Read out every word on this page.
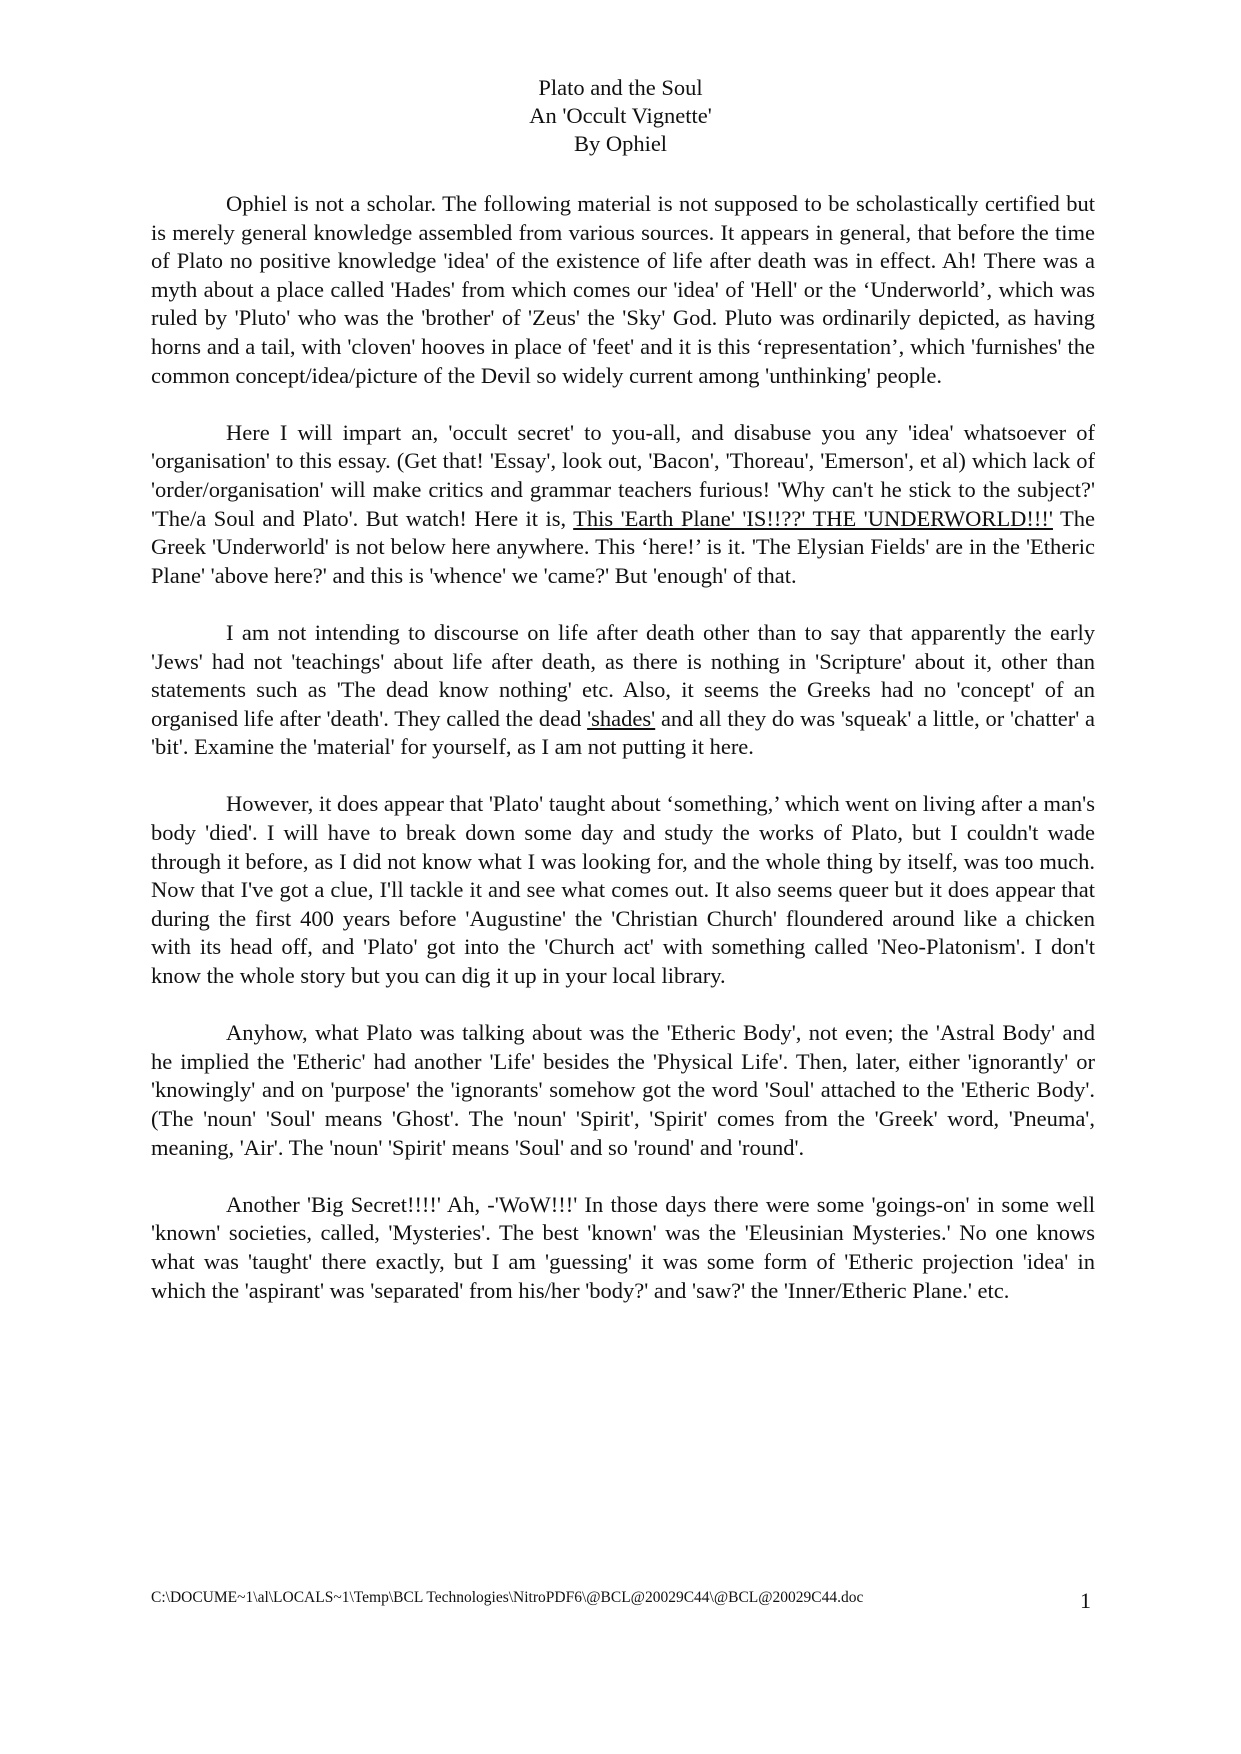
Plato and the Soul
An 'Occult Vignette'
By Ophiel

Ophiel is not a scholar. The following material is not supposed to be scholastically certified but is merely general knowledge assembled from various sources. It appears in general, that before the time of Plato no positive knowledge 'idea' of the existence of life after death was in effect. Ah! There was a myth about a place called 'Hades' from which comes our 'idea' of 'Hell' or the ‘Underworld’, which was ruled by 'Pluto' who was the 'brother' of 'Zeus' the 'Sky' God. Pluto was ordinarily depicted, as having horns and a tail, with 'cloven' hooves in place of 'feet' and it is this ‘representation’, which 'furnishes' the common concept/idea/picture of the Devil so widely current among 'unthinking' people.

Here I will impart an, 'occult secret' to you-all, and disabuse you any 'idea' whatsoever of 'organisation' to this essay. (Get that! 'Essay', look out, 'Bacon', 'Thoreau', 'Emerson', et al) which lack of 'order/organisation' will make critics and grammar teachers furious! 'Why can't he stick to the subject?' 'The/a Soul and Plato'. But watch! Here it is, This 'Earth Plane' 'IS!!??' THE 'UNDERWORLD!!!' The Greek 'Underworld' is not below here anywhere. This ‘here!’ is it. 'The Elysian Fields' are in the 'Etheric Plane' 'above here?' and this is 'whence' we 'came?' But 'enough' of that.

I am not intending to discourse on life after death other than to say that apparently the early 'Jews' had not 'teachings' about life after death, as there is nothing in 'Scripture' about it, other than statements such as 'The dead know nothing' etc. Also, it seems the Greeks had no 'concept' of an organised life after 'death'. They called the dead 'shades' and all they do was 'squeak' a little, or 'chatter' a 'bit'. Examine the 'material' for yourself, as I am not putting it here.

However, it does appear that 'Plato' taught about ‘something,’ which went on living after a man's body 'died'. I will have to break down some day and study the works of Plato, but I couldn't wade through it before, as I did not know what I was looking for, and the whole thing by itself, was too much. Now that I've got a clue, I'll tackle it and see what comes out. It also seems queer but it does appear that during the first 400 years before 'Augustine' the 'Christian Church' floundered around like a chicken with its head off, and 'Plato' got into the 'Church act' with something called 'Neo-Platonism'. I don't know the whole story but you can dig it up in your local library.

Anyhow, what Plato was talking about was the 'Etheric Body', not even; the 'Astral Body' and he implied the 'Etheric' had another 'Life' besides the 'Physical Life'. Then, later, either 'ignorantly' or 'knowingly' and on 'purpose' the 'ignorants' somehow got the word 'Soul' attached to the 'Etheric Body'. (The 'noun' 'Soul' means 'Ghost'. The 'noun' 'Spirit', 'Spirit' comes from the 'Greek' word, 'Pneuma', meaning, 'Air'. The 'noun' 'Spirit' means 'Soul' and so 'round' and 'round'.

Another 'Big Secret!!!!' Ah, -'WoW!!!' In those days there were some 'goings-on' in some well 'known' societies, called, 'Mysteries'. The best 'known' was the 'Eleusinian Mysteries.' No one knows what was 'taught' there exactly, but I am 'guessing' it was some form of 'Etheric projection 'idea' in which the 'aspirant' was 'separated' from his/her 'body?' and 'saw?' the 'Inner/Etheric Plane.' etc.

C:\DOCUME~1\al\LOCALS~1\Temp\BCL Technologies\NitroPDF6\@BCL@20029C44\@BCL@20029C44.doc	1
